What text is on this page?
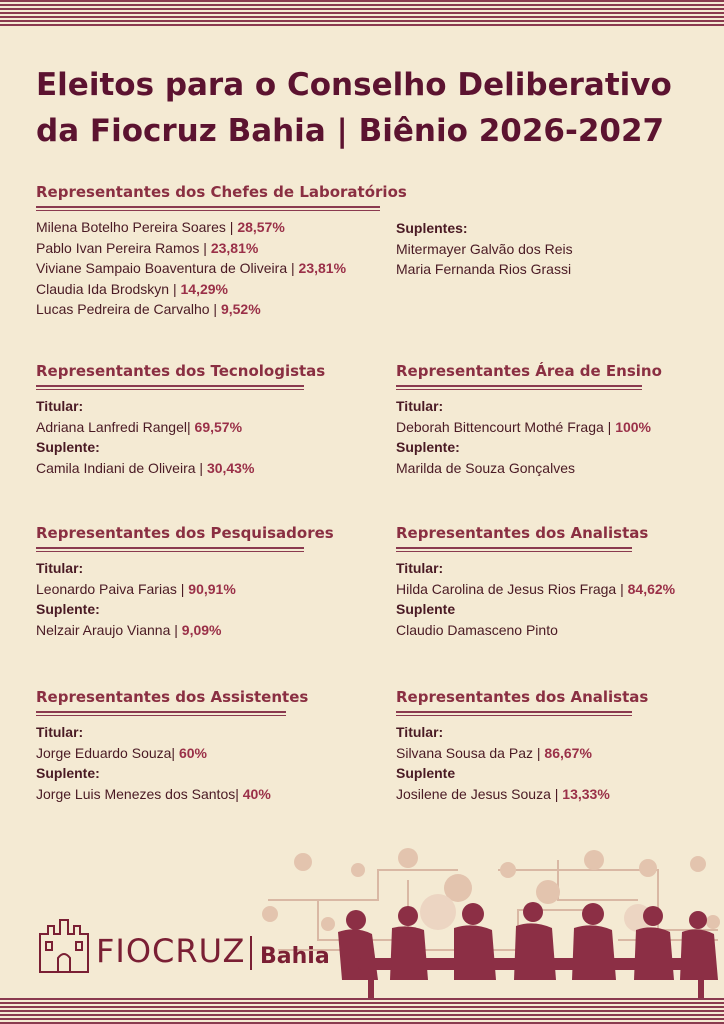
Eleitos para o Conselho Deliberativo
da Fiocruz Bahia | Biênio 2026-2027
Representantes dos Chefes de Laboratórios
Milena Botelho Pereira Soares | 28,57%
Pablo Ivan Pereira Ramos | 23,81%
Viviane Sampaio Boaventura de Oliveira | 23,81%
Claudia Ida Brodskyn | 14,29%
Lucas Pedreira de Carvalho | 9,52%
Suplentes:
Mitermayer Galvão dos Reis
Maria Fernanda Rios Grassi
Representantes dos Tecnologistas
Titular:
Adriana Lanfredi Rangel| 69,57%
Suplente:
Camila Indiani de Oliveira | 30,43%
Representantes Área de Ensino
Titular:
Deborah Bittencourt Mothé Fraga | 100%
Suplente:
Marilda de Souza Gonçalves
Representantes dos Pesquisadores
Titular:
Leonardo Paiva Farias | 90,91%
Suplente:
Nelzair Araujo Vianna | 9,09%
Representantes dos Analistas
Titular:
Hilda Carolina de Jesus Rios Fraga | 84,62%
Suplente
Claudio Damasceno Pinto
Representantes dos Assistentes
Titular:
Jorge Eduardo Souza| 60%
Suplente:
Jorge Luis Menezes dos Santos| 40%
Representantes dos Analistas
Titular:
Silvana Sousa da Paz | 86,67%
Suplente
Josilene de Jesus Souza | 13,33%
FIOCRUZ Bahia
